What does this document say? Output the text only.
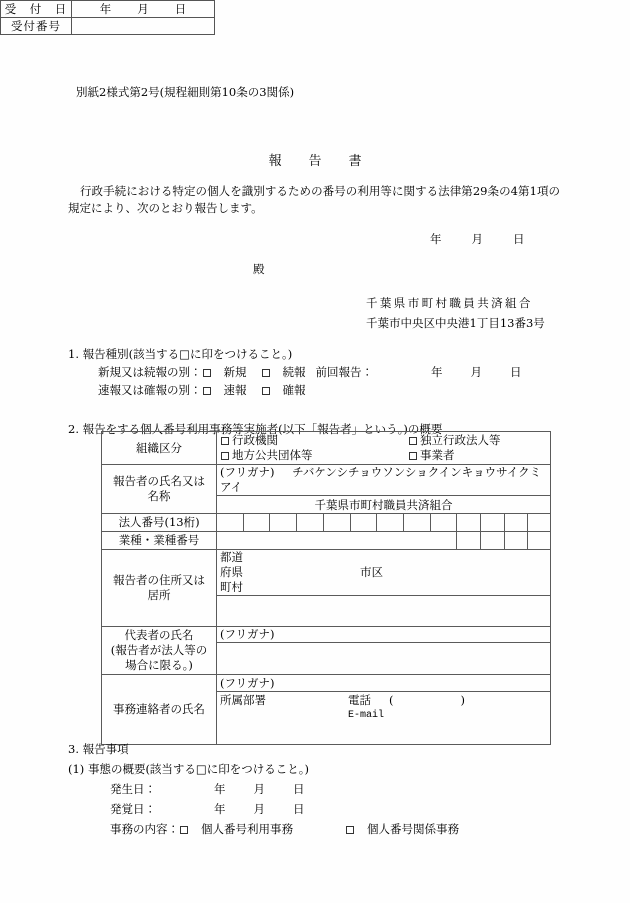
別紙2様式第2号(規程細則第10条の3関係)
受　付　日	年 月 日

受付番号	
報　告　書
行政手続における特定の個人を識別するための番号の利用等に関する法律第29条の4第1項の規定により、次のとおり報告します。
年	月	日
殿
千葉県市町村職員共済組合
千葉市中央区中央港1丁目13番3号
1. 報告種別(該当する□に印をつけること。)
新規又は続報の別： 新規	続報 前回報告：	年 月 日
速報又は確報の別： 速報	確報
2. 報告をする個人番号利用事務等実施者(以下「報告者」という。)の概要
組織区分	行政機関 独立行政法人等
地方公共団体等 事業者												

報告者の氏名又は
名称	(フリガナ) チバケンシチョウソンショクインキョウサイクミアイ												
	千葉県市町村職員共済組合												
法人番号(13桁)													
業種・業種番号													
報告者の住所又は
居所	都道
府県 市区
町村												

代表者の氏名
(報告者が法人等の
場合に限る。)	(フリガナ)												

事務連絡者の氏名	(フリガナ)												
	所属部署 電話 (   )
E-mail												
3. 報告事項
(1) 事態の概要(該当する□に印をつけること。)
発生日：	年 月 日
発覚日：	年 月 日
事務の内容： 個人番号利用事務	個人番号関係事務
